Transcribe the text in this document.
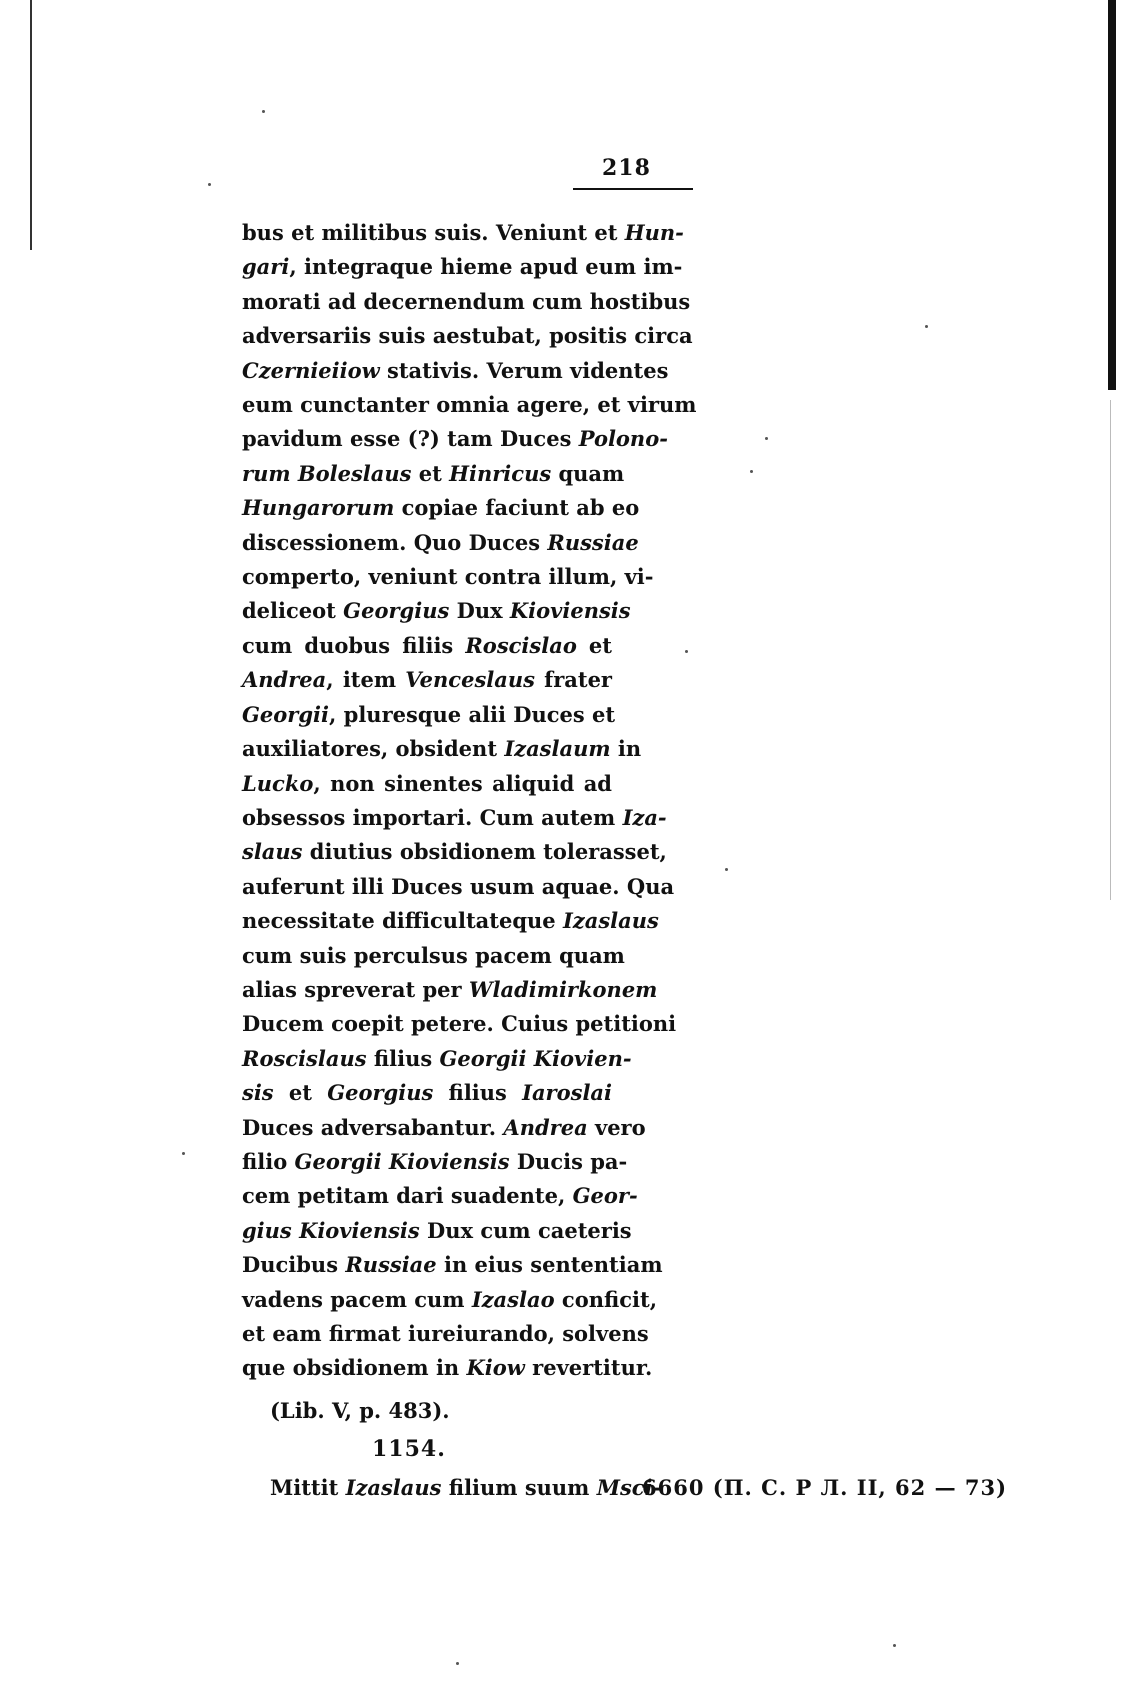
218
bus et militibus suis. Veniunt et Hun-
gari, integraque hieme apud eum im-
morati ad decernendum cum hostibus
adversariis suis aestubat, positis circa
Czernieiiow stativis. Verum videntes
eum cunctanter omnia agere, et virum
pavidum esse (?) tam Duces Polono-
rum Boleslaus et Hinricus quam
Hungarorum copiae faciunt ab eo
discessionem. Quo Duces Russiae
comperto, veniunt contra illum, vi-
deliceot Georgius Dux Kioviensis
cum duobus filiis Roscislao et
Andrea, item Venceslaus frater
Georgii, pluresque alii Duces et
auxiliatores, obsident Izaslaum in
Lucko, non sinentes aliquid ad
obsessos importari. Cum autem Iza-
slaus diutius obsidionem tolerasset,
auferunt illi Duces usum aquae. Qua
necessitate difficultateque Izaslaus
cum suis perculsus pacem quam
alias spreverat per Wladimirkonem
Ducem coepit petere. Cuius petitioni
Roscislaus filius Georgii Kiovien-
sis et Georgius filius Iaroslai
Duces adversabantur. Andrea vero
filio Georgii Kioviensis Ducis pa-
cem petitam dari suadente, Geor-
gius Kioviensis Dux cum caeteris
Ducibus Russiae in eius sententiam
vadens pacem cum Izaslao conficit,
et eam firmat iureiurando, solvens
que obsidionem in Kiow revertitur.
(Lib. V, p. 483).
1154.
Mittit Izaslaus filium suum Msci-
6660 (П. С. Р Л. II, 62 — 73)
